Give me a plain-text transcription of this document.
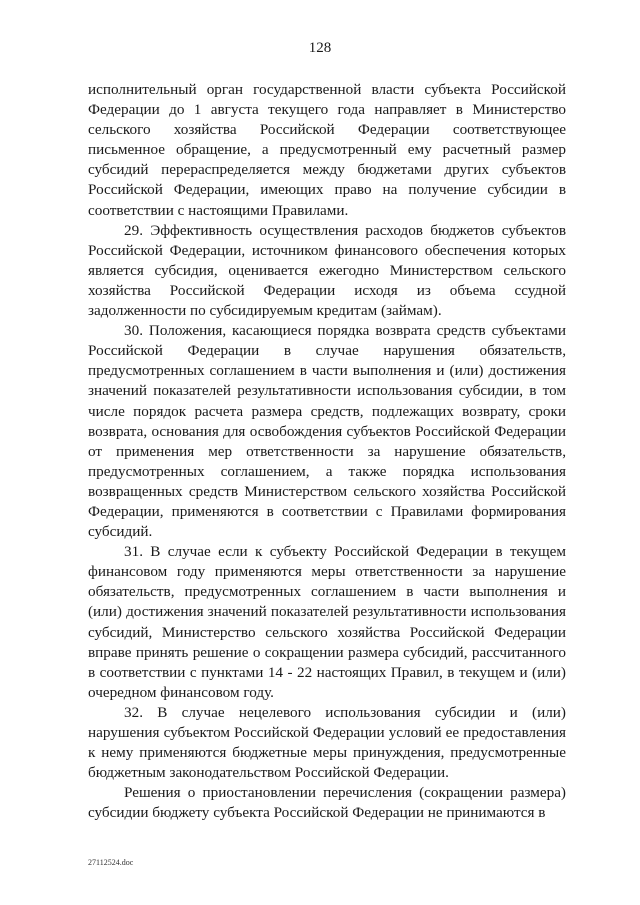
128

исполнительный орган государственной власти субъекта Российской Федерации до 1 августа текущего года направляет в Министерство сельского хозяйства Российской Федерации соответствующее письменное обращение, а предусмотренный ему расчетный размер субсидий перераспределяется между бюджетами других субъектов Российской Федерации, имеющих право на получение субсидии в соответствии с настоящими Правилами.

29. Эффективность осуществления расходов бюджетов субъектов Российской Федерации, источником финансового обеспечения которых является субсидия, оценивается ежегодно Министерством сельского хозяйства Российской Федерации исходя из объема ссудной задолженности по субсидируемым кредитам (займам).

30. Положения, касающиеся порядка возврата средств субъектами Российской Федерации в случае нарушения обязательств, предусмотренных соглашением в части выполнения и (или) достижения значений показателей результативности использования субсидии, в том числе порядок расчета размера средств, подлежащих возврату, сроки возврата, основания для освобождения субъектов Российской Федерации от применения мер ответственности за нарушение обязательств, предусмотренных соглашением, а также порядка использования возвращенных средств Министерством сельского хозяйства Российской Федерации, применяются в соответствии с Правилами формирования субсидий.

31. В случае если к субъекту Российской Федерации в текущем финансовом году применяются меры ответственности за нарушение обязательств, предусмотренных соглашением в части выполнения и (или) достижения значений показателей результативности использования субсидий, Министерство сельского хозяйства Российской Федерации вправе принять решение о сокращении размера субсидий, рассчитанного в соответствии с пунктами 14 - 22 настоящих Правил, в текущем и (или) очередном финансовом году.

32. В случае нецелевого использования субсидии и (или) нарушения субъектом Российской Федерации условий ее предоставления к нему применяются бюджетные меры принуждения, предусмотренные бюджетным законодательством Российской Федерации.

Решения о приостановлении перечисления (сокращении размера) субсидии бюджету субъекта Российской Федерации не принимаются в

27112524.doc
